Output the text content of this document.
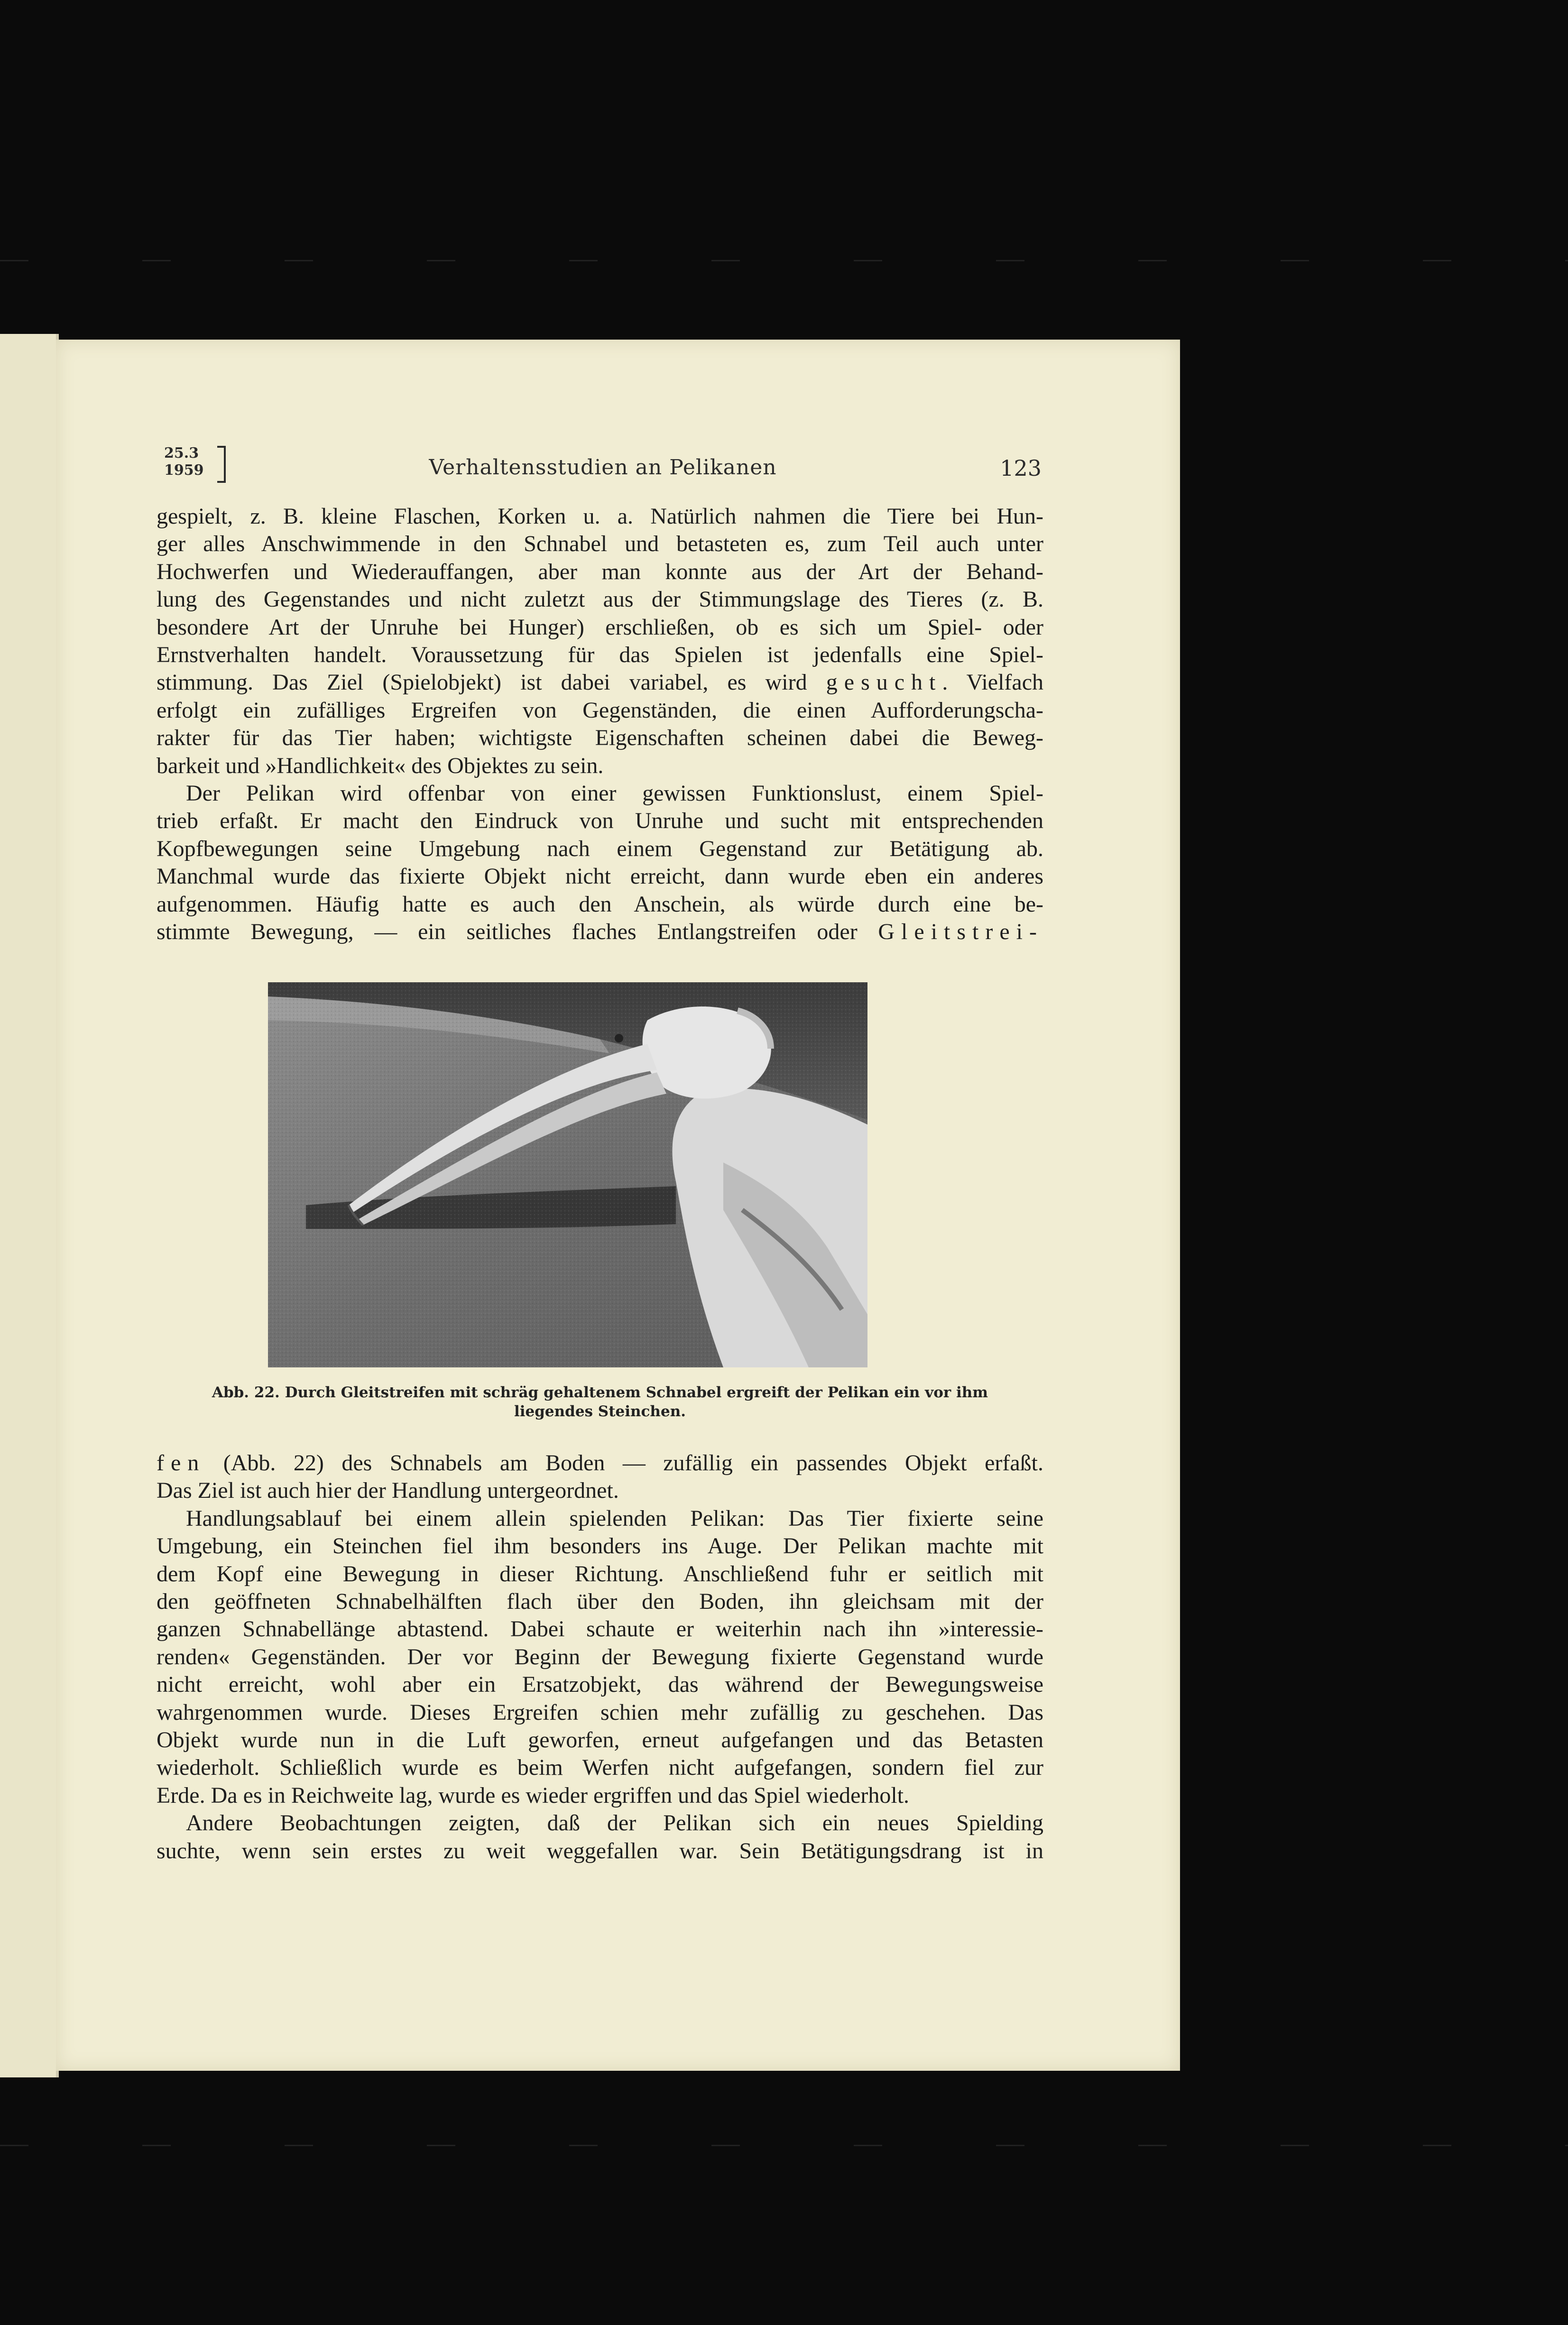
25.3
1959	Verhaltensstudien an Pelikanen	123
gespielt, z. B. kleine Flaschen, Korken u. a. Natürlich nahmen die Tiere bei Hun-
ger alles Anschwimmende in den Schnabel und betasteten es, zum Teil auch unter
Hochwerfen und Wiederauffangen, aber man konnte aus der Art der Behand-
lung des Gegenstandes und nicht zuletzt aus der Stimmungslage des Tieres (z. B.
besondere Art der Unruhe bei Hunger) erschließen, ob es sich um Spiel- oder
Ernstverhalten handelt. Voraussetzung für das Spielen ist jedenfalls eine Spiel-
stimmung. Das Ziel (Spielobjekt) ist dabei variabel, es wird gesucht. Vielfach
erfolgt ein zufälliges Ergreifen von Gegenständen, die einen Aufforderungscha-
rakter für das Tier haben; wichtigste Eigenschaften scheinen dabei die Beweg-
barkeit und »Handlichkeit« des Objektes zu sein.
Der Pelikan wird offenbar von einer gewissen Funktionslust, einem Spiel-
trieb erfaßt. Er macht den Eindruck von Unruhe und sucht mit entsprechenden
Kopfbewegungen seine Umgebung nach einem Gegenstand zur Betätigung ab.
Manchmal wurde das fixierte Objekt nicht erreicht, dann wurde eben ein anderes
aufgenommen. Häufig hatte es auch den Anschein, als würde durch eine be-
stimmte Bewegung, — ein seitliches flaches Entlangstreifen oder Gleitstrei-
Abb. 22. Durch Gleitstreifen mit schräg gehaltenem Schnabel ergreift der Pelikan ein vor ihm
liegendes Steinchen.
fen (Abb. 22) des Schnabels am Boden — zufällig ein passendes Objekt erfaßt.
Das Ziel ist auch hier der Handlung untergeordnet.
Handlungsablauf bei einem allein spielenden Pelikan: Das Tier fixierte seine
Umgebung, ein Steinchen fiel ihm besonders ins Auge. Der Pelikan machte mit
dem Kopf eine Bewegung in dieser Richtung. Anschließend fuhr er seitlich mit
den geöffneten Schnabelhälften flach über den Boden, ihn gleichsam mit der
ganzen Schnabellänge abtastend. Dabei schaute er weiterhin nach ihn »interessie-
renden« Gegenständen. Der vor Beginn der Bewegung fixierte Gegenstand wurde
nicht erreicht, wohl aber ein Ersatzobjekt, das während der Bewegungsweise
wahrgenommen wurde. Dieses Ergreifen schien mehr zufällig zu geschehen. Das
Objekt wurde nun in die Luft geworfen, erneut aufgefangen und das Betasten
wiederholt. Schließlich wurde es beim Werfen nicht aufgefangen, sondern fiel zur
Erde. Da es in Reichweite lag, wurde es wieder ergriffen und das Spiel wiederholt.
Andere Beobachtungen zeigten, daß der Pelikan sich ein neues Spielding
suchte, wenn sein erstes zu weit weggefallen war. Sein Betätigungsdrang ist in
